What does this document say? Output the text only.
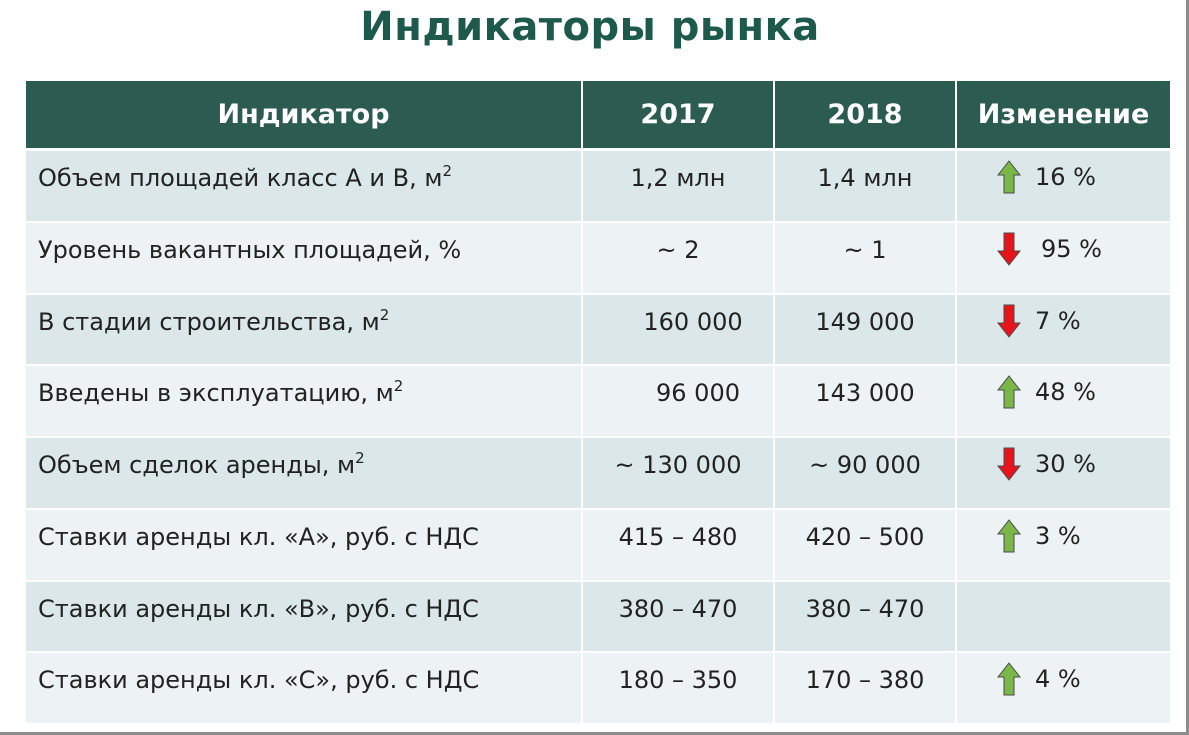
Индикаторы рынка
Индикатор	2017	2018	Изменение
Объем площадей класс А и В, $м^2$	1,2 млн	1,4 млн	16 %

Уровень вакантных площадей, %	~ 2	~ 1	95 %

В стадии строительства, $м^2$	160 000	149 000	7 %

Введены в эксплуатацию, $м^2$	96 000	143 000	48 %

Объем сделок аренды, $м^2$	~ 130 000	~ 90 000	30 %

Ставки аренды кл. «А», руб. с НДС	415 – 480	420 – 500	3 %

Ставки аренды кл. «В», руб. с НДС	380 – 470	380 – 470	

Ставки аренды кл. «С», руб. с НДС	180 – 350	170 – 380	4 %
